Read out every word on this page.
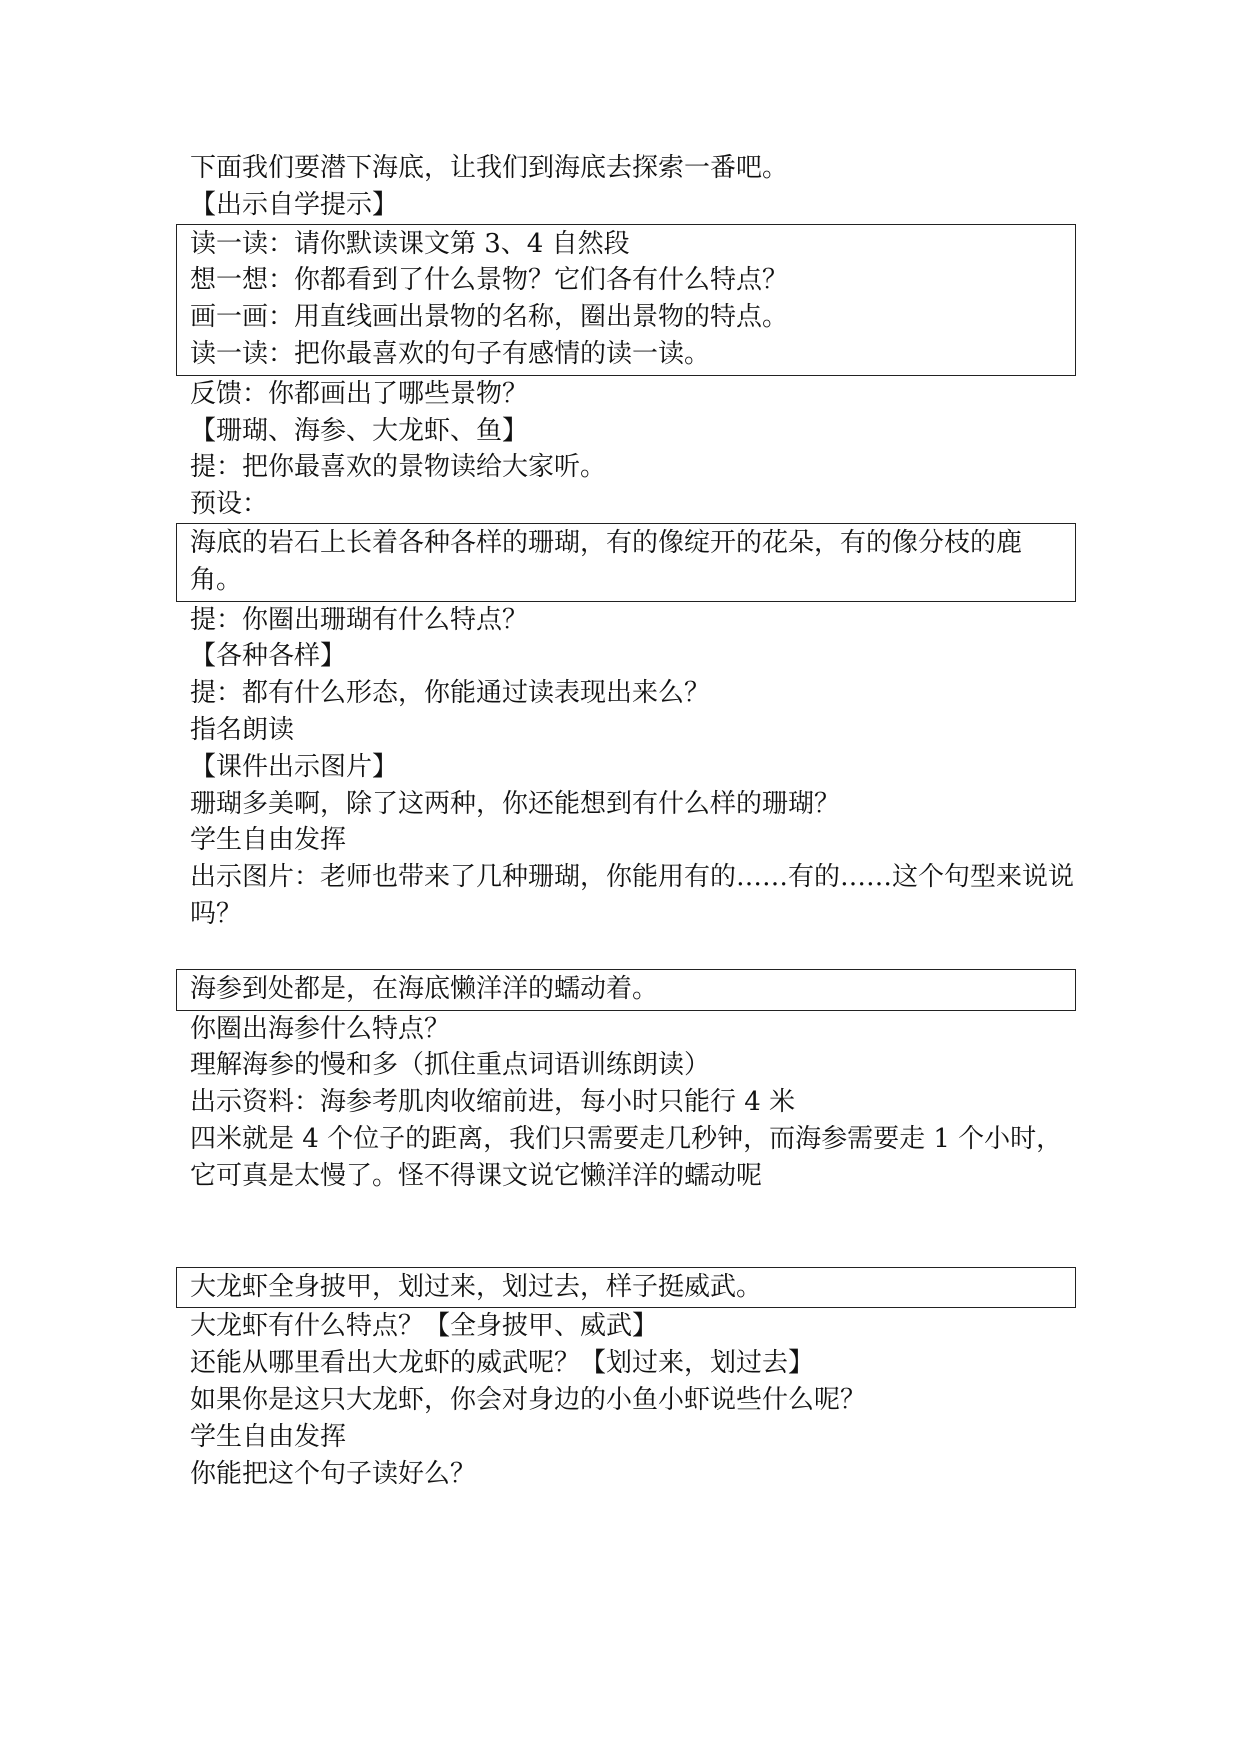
下面我们要潜下海底，让我们到海底去探索一番吧。

【出示自学提示】

读一读：请你默读课文第 3、4 自然段

想一想：你都看到了什么景物？它们各有什么特点？

画一画：用直线画出景物的名称，圈出景物的特点。

读一读：把你最喜欢的句子有感情的读一读。

反馈：你都画出了哪些景物？

【珊瑚、海参、大龙虾、鱼】

提：把你最喜欢的景物读给大家听。

预设：

海底的岩石上长着各种各样的珊瑚，有的像绽开的花朵，有的像分枝的鹿角。

提：你圈出珊瑚有什么特点？

【各种各样】

提：都有什么形态，你能通过读表现出来么？

指名朗读

【课件出示图片】

珊瑚多美啊，除了这两种，你还能想到有什么样的珊瑚？

学生自由发挥

出示图片：老师也带来了几种珊瑚，你能用有的……有的……这个句型来说说吗？

海参到处都是，在海底懒洋洋的蠕动着。

你圈出海参什么特点？

理解海参的慢和多（抓住重点词语训练朗读）

出示资料：海参考肌肉收缩前进，每小时只能行 4 米

四米就是 4 个位子的距离，我们只需要走几秒钟，而海参需要走 1 个小时，它可真是太慢了。怪不得课文说它懒洋洋的蠕动呢

大龙虾全身披甲，划过来，划过去，样子挺威武。

大龙虾有什么特点？【全身披甲、威武】

还能从哪里看出大龙虾的威武呢？【划过来，划过去】

如果你是这只大龙虾，你会对身边的小鱼小虾说些什么呢？

学生自由发挥

你能把这个句子读好么？
